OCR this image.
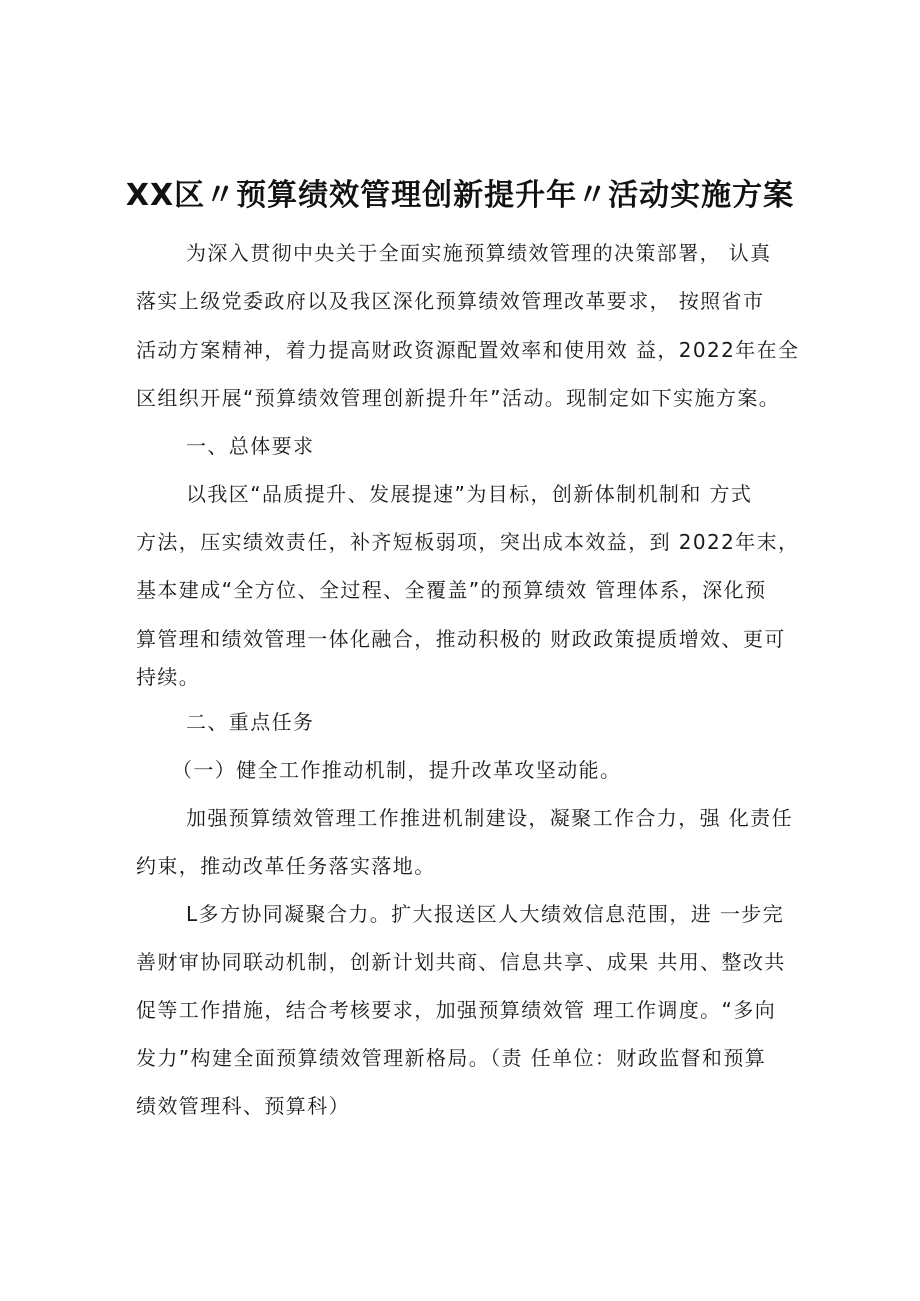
XX区〃预算绩效管理创新提升年〃活动实施方案
为深入贯彻中央关于全面实施预算绩效管理的决策部署， 认真
落实上级党委政府以及我区深化预算绩效管理改革要求， 按照省市
活动方案精神，着力提高财政资源配置效率和使用效 益，2022年在全
区组织开展“预算绩效管理创新提升年”活动。现制定如下实施方案。
一、总体要求
以我区“品质提升、发展提速”为目标，创新体制机制和 方式
方法，压实绩效责任，补齐短板弱项，突出成本效益，到 2022年末，
基本建成“全方位、全过程、全覆盖”的预算绩效 管理体系，深化预
算管理和绩效管理一体化融合，推动积极的 财政政策提质增效、更可
持续。
二、重点任务
（一）健全工作推动机制，提升改革攻坚动能。
加强预算绩效管理工作推进机制建设，凝聚工作合力，强 化责任
约束，推动改革任务落实落地。
L多方协同凝聚合力。扩大报送区人大绩效信息范围，进 一步完
善财审协同联动机制，创新计划共商、信息共享、成果 共用、整改共
促等工作措施，结合考核要求，加强预算绩效管 理工作调度。“多向
发力”构建全面预算绩效管理新格局。（责 任单位：财政监督和预算
绩效管理科、预算科）
